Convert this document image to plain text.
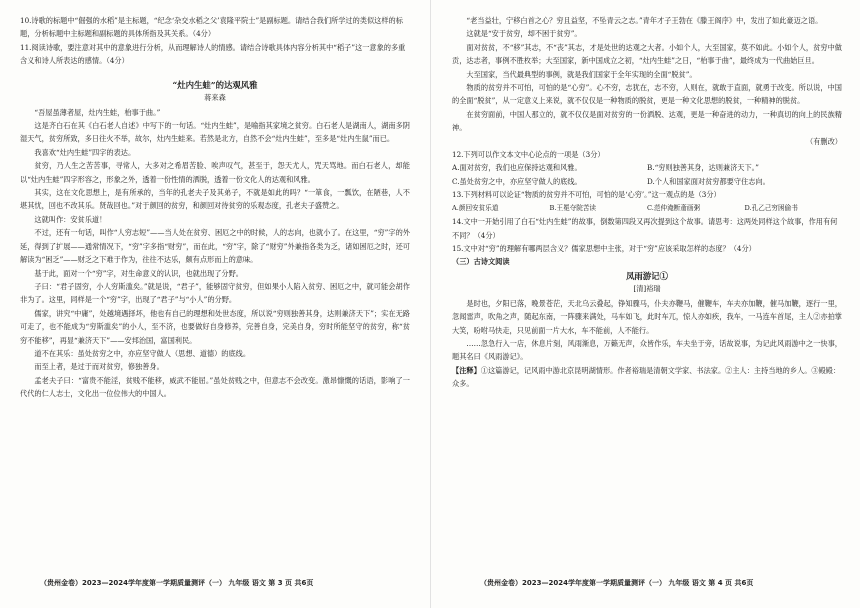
10.诗歌的标题中“倔强的水稻”是主标题，“纪念‘杂交水稻之父’袁隆平院士”是副标题。请结合我们所学过的类似这样的标题，分析标题中主标题和副标题的具体所指及其关系。（4分）

11.阅读诗歌，要注意对其中的意象进行分析，从而理解诗人的情感。请结合诗歌具体内容分析其中“稻子”这一意象的多重含义和诗人所表达的感情。（4分）

“灶内生蛙”的达观风雅

蒋来森

“吾屋虽薄者屋，灶内生蛙，枱事于曲。”

这是齐白石在其《白石老人自述》中写下的一句话。“灶内生蛙”，是喻指其家境之贫穷。白石老人是湖南人，湖南多阴湿天气，贫穷所致，多日往火不举，故尔，灶内生蛙来。若然是北方，自然不会“灶内生蛙”，至多是“灶内生鼠”而已。

我喜欢“灶内生蛙”四字的表达。

贫穷，乃人生之苦苦事，寻常人，大多对之希眉苦脸、唉声叹气，甚至于，怨天尤人，咒天骂地。而白石老人，却能以“灶内生蛙”四字形容之，形象之外，透着一份性情的洒脱，透着一份文化人的达观和风雅。

其实，这在文化思想上，是有所承的，当年的孔老夫子及其弟子，不就是如此的吗？“一箪食，一瓢饮，在陋巷，人不堪其忧，回也不改其乐。贤哉回也。”对于颜回的贫穷，和颜回对待贫穷的乐观态度，孔老夫子盛赞之。

这就叫作：安贫乐道！

不过，还有一句话，叫作“人穷志短”——当人处在贫穷、困厄之中的时候，人的志向，也就小了。在这里，“穷”字的外延，得到了扩展——通常情况下，“穷”字多指“财穷”，而在此，“穷”字，除了“财穷”外兼指各类为乏，诸如困厄之时，还可解读为“困乏”——财乏之下难于作为，往往不达乐，颇有点形而上的意味。

基于此，面对一个“穷”字，对生命意义的认识，也就出现了分野。

子曰：“君子固穷，小人穷斯滥矣。”就是说，“君子”，能够固守贫穷，但如果小人陷入贫穷、困厄之中，就可能会胡作非为了。这里，同样是一个“穷”字，出现了“君子”与“小人”的分野。

儒家，讲究“中庸”，处越境遇择坏，他也有自己的理想和处世态度，所以说“穷则独善其身，达则兼济天下”；实在无路可走了，也不能成为“穷斯滥矣”的小人，至不济，也要做好自身修养，完善自身，完美自身，穷时所能坚守的贫穷，称“贫穷不能移”，再显“兼济天下”——安邦治国，富国利民。

道不在其乐：虽处贫穷之中，亦应坚守做人（思想、道德）的底线。

而至上者，是过于而对贫穷，修独善身。

孟老夫子曰：“富贵不能淫，贫贱不能移，威武不能屈。”虽处贫贱之中，但意志不会改变。激昂慷慨的话语，影响了一代代的仁人志士，文化出一位位伟大的中国人。

（贵州金卷）2023—2024学年度第一学期质量测评（一） 九年级 语文 第 3 页 共6页

“老当益壮，宁移白首之心？穷且益坚，不坠青云之志。”青年才子王勃在《滕王阁序》中，发出了如此豪迈之语。

这就是“安于贫穷，却不困于贫穷”。

面对贫贫，不“移”其志，不“丧”其志，才是处世的达观之大者。小如个人，大至国家，莫不如此。小如个人，贫穷中做贡，达志者，事例不胜枚举；大至国家，新中国成立之初，“灶内生蛙”之日，“枱事于曲”，最终成为一代曲始巨旦。

大至国家，当代最典型的事例，就是我们国家于全年实现的全面“脱贫”。

物质的贫穷并不可怕，可怕的是“心穷”。心不穷，志犹在，志不穷，人则在，就敢于直面，就勇于改变。所以说，中国的全面“脱贫”，从一定意义上来说，就不仅仅是一种物质的脱贫，更是一种文化思想的脱贫，一种精神的脱贫。

在贫穷面前，中国人那立的，就不仅仅是面对贫穷的一份洒脱、达观，更是一种奋进的动力，一种真切的向上的民族精神。

（有删改）

12.下列可以作文本文中心论点的一项是（3分）

A.面对贫穷，我们也应保持达观和风雅。	B.“穷则独善其身，达则兼济天下。”
C.虽处贫穷之中，亦应坚守做人的底线。	D.个人和国家面对贫穷都要守住志向。

13.下列材料可以论证“物质的贫穷并不可怕，可怕的是‘心穷’。”这一观点的是（3分）

A.颜回安贫乐道	B.王冕夺院苦读	C.范仲淹断齑画粥	D.孔乙己穷困偷书

14.文中一开始引用了白石“灶内生蛙”的故事，倒数第四段又再次提到这个故事。请思考：这两处同样这个故事，作用有何不同？（4分）

15.文中对“穷”的理解有哪两层含义？儒家思想中主张，对于“穷”应该采取怎样的态度？（4分）

（三）古诗文阅读

凤雨游记①

[清]裕瑞

是时也，夕阳已落，晚景苍茫，天北乌云叠起，铮知骤马，仆夫亦鞭马，催鞭车，车夫亦加鞭，催马加鞭，逐行一里，忽闻雷声，吹角之声，随起东南，一阵骤来满处，马车如飞，此时车兀，惊人亦如疾，我车，一马连车首尾，主人②亦拍掌大笑，吩咐马快走，只见前面一片大水，车不能前，人不能行。

……忽急行入一店，休息片刻，风雨渐息，万籁无声，众皆作乐，车夫坐于旁，话故说事，为记此风雨游中之一快事，题其名曰《风雨游记》。

【注释】①这篇游记，记风雨中游北京昆明湖情形。作者裕瑞是清朝文学家、书法家。②主人：主持当地的乡人。③殿殿：众多。

（贵州金卷）2023—2024学年度第一学期质量测评（一） 九年级 语文 第 4 页 共6页
